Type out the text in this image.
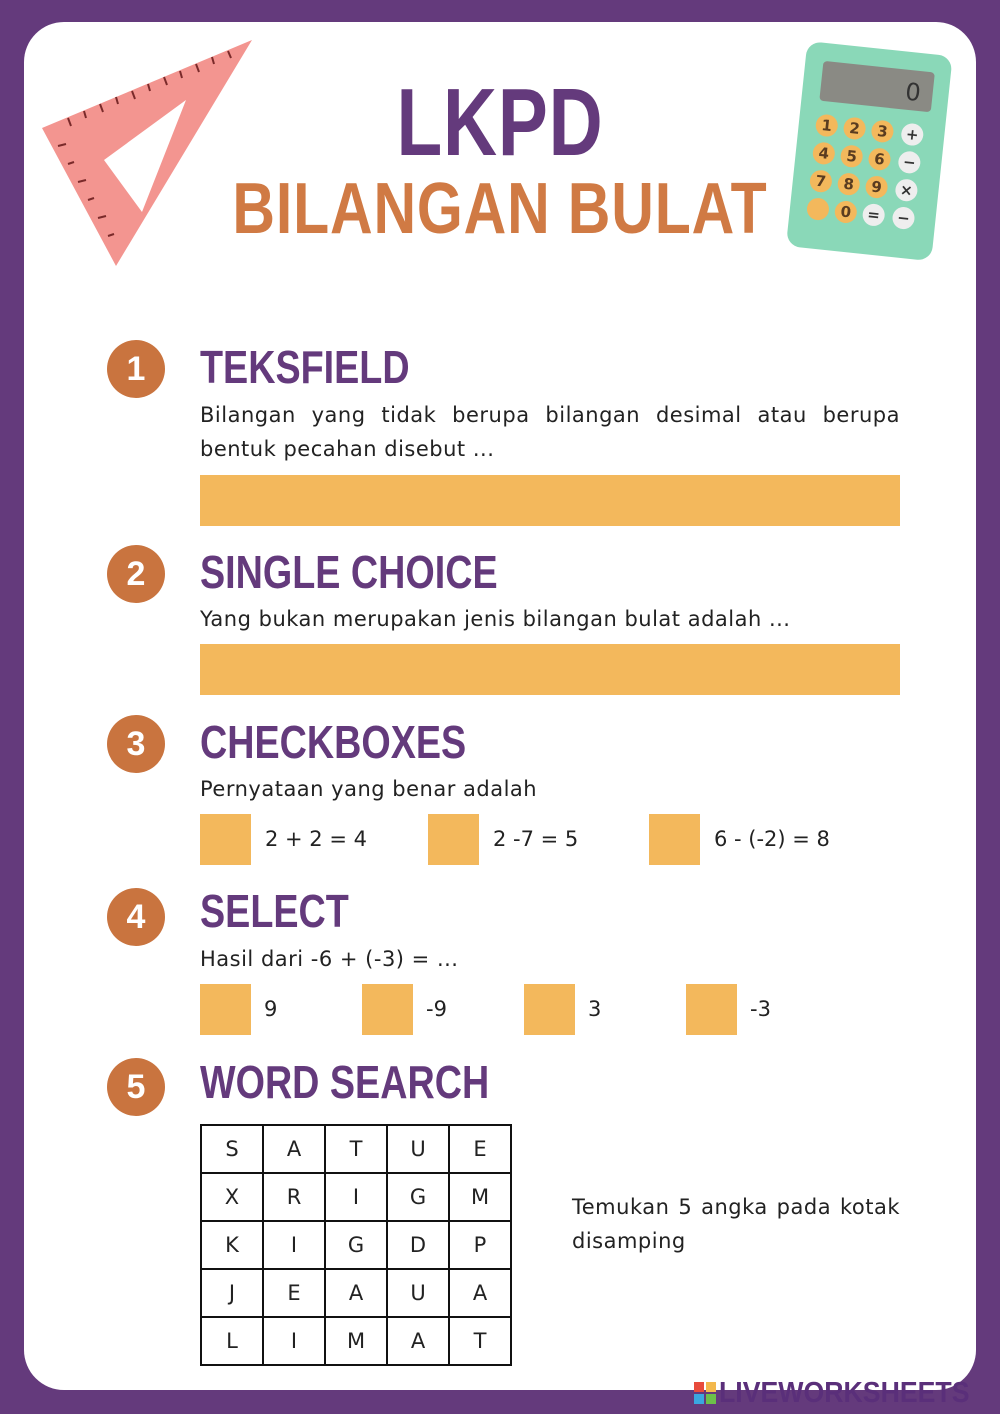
0
1 2 3 +
4 5 6 −
7 8 9 ×
0 = −
LKPD
BILANGAN BULAT
1	TEKSFIELD
Bilangan yang tidak berupa bilangan desimal atau berupa bentuk pecahan disebut ...
2	SINGLE CHOICE
Yang bukan merupakan jenis bilangan bulat adalah ...
3	CHECKBOXES
Pernyataan yang benar adalah
2 + 2 = 4	2 -7 = 5	6 - (-2) = 8
4	SELECT
Hasil dari -6 + (-3) = ...
9	-9	3	-3
5	WORD SEARCH
S	A	T	U	E
X	R	I	G	M
K	I	G	D	P
J	E	A	U	A
L	I	M	A	T
Temukan 5 angka pada kotak disamping
LIVEWORKSHEETS
